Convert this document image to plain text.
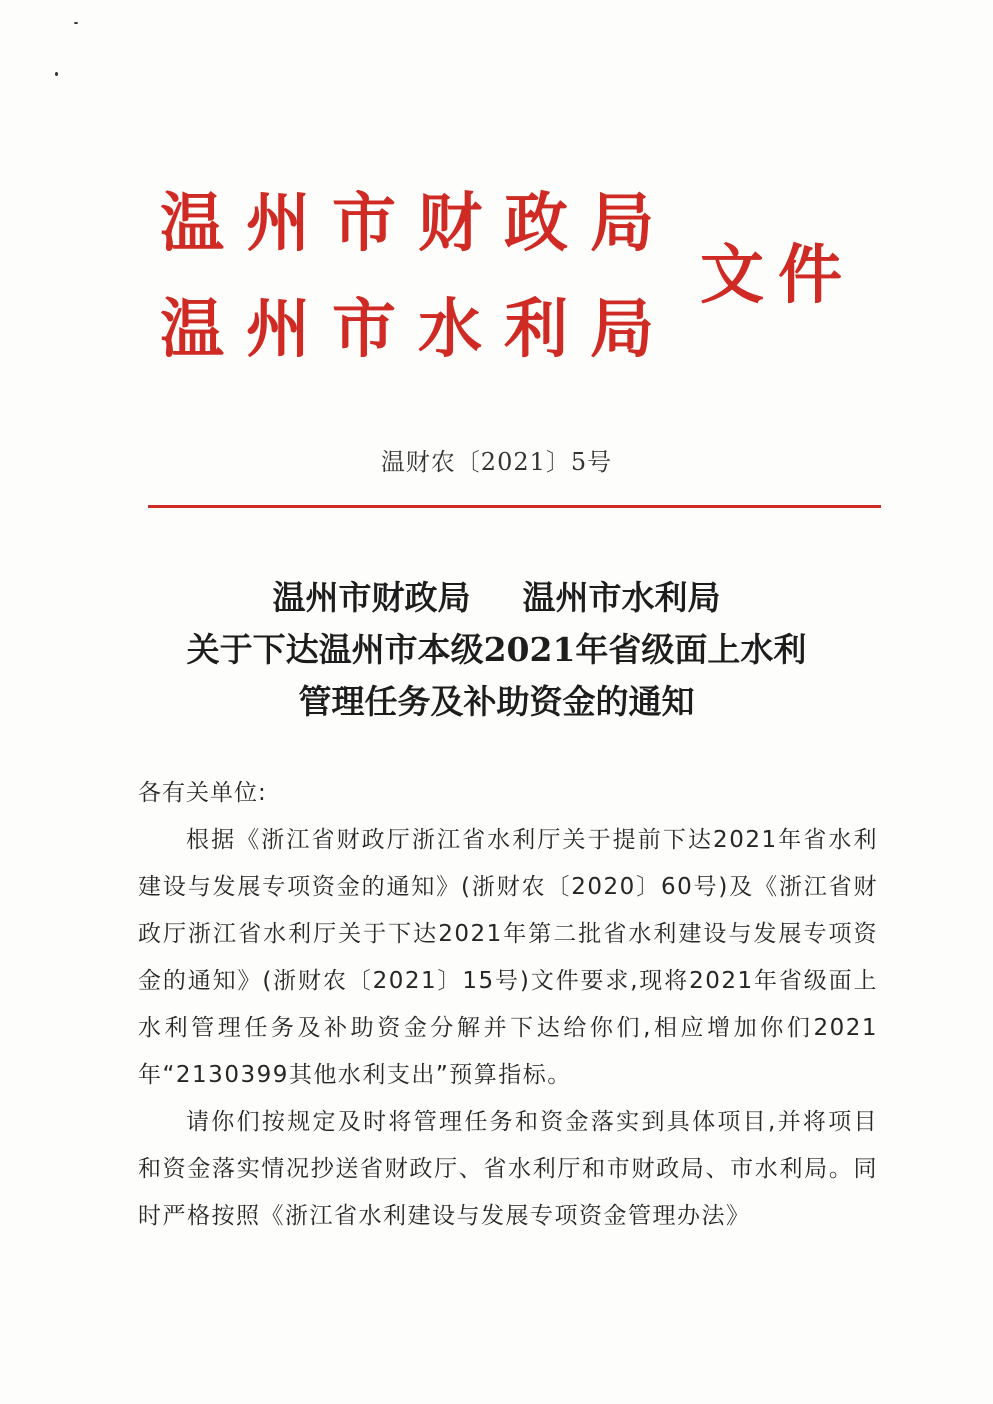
温州市财政局
温州市水利局
文件
温财农〔2021〕5号
温州市财政局 温州市水利局
关于下达温州市本级2021年省级面上水利
管理任务及补助资金的通知
各有关单位:

根据《浙江省财政厅浙江省水利厅关于提前下达2021年省水利建设与发展专项资金的通知》(浙财农〔2020〕60号)及《浙江省财政厅浙江省水利厅关于下达2021年第二批省水利建设与发展专项资金的通知》(浙财农〔2021〕15号)文件要求,现将2021年省级面上水利管理任务及补助资金分解并下达给你们,相应增加你们2021年“2130399其他水利支出”预算指标。

请你们按规定及时将管理任务和资金落实到具体项目,并将项目和资金落实情况抄送省财政厅、省水利厅和市财政局、市水利局。同时严格按照《浙江省水利建设与发展专项资金管理办法》
